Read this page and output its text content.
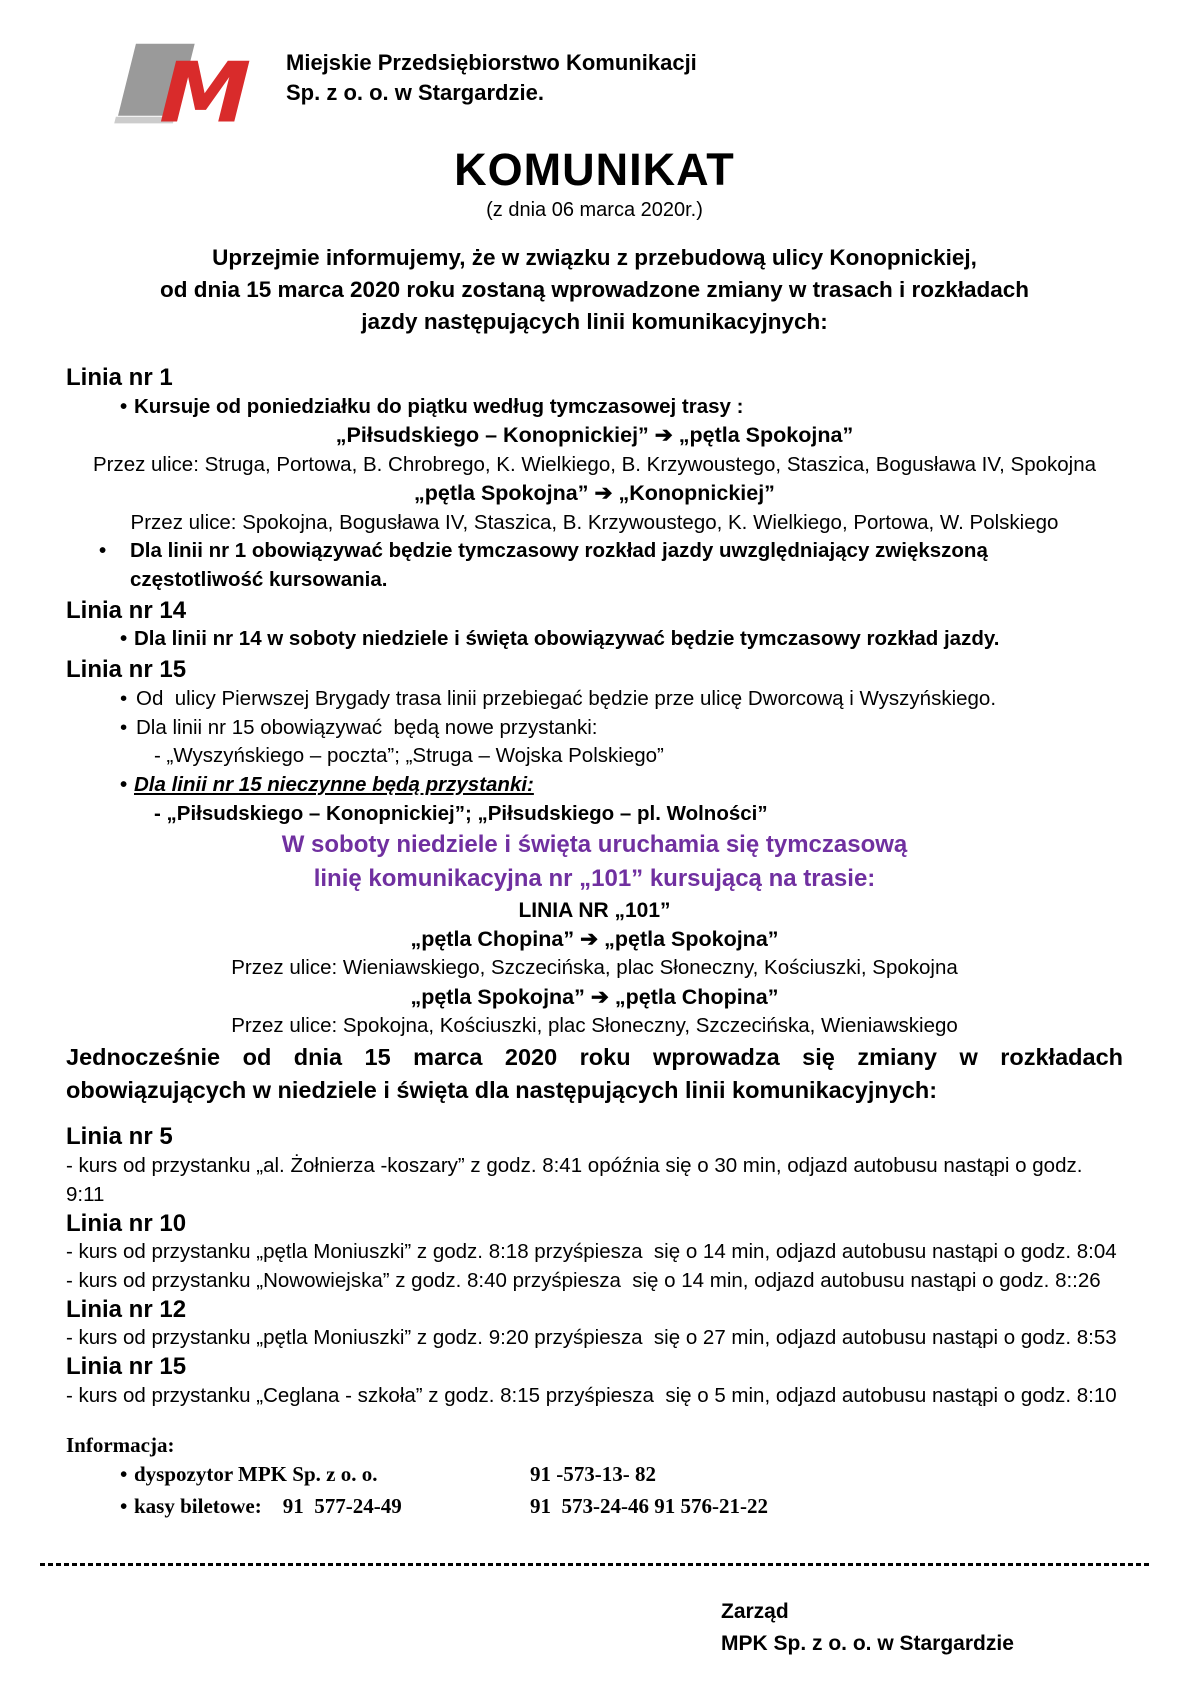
M	Miejskie Przedsiębiorstwo Komunikacji
Sp. z o. o. w Stargardzie.
KOMUNIKAT

(z dnia 06 marca 2020r.)

Uprzejmie informujemy, że w związku z przebudową ulicy Konopnickiej,
od dnia 15 marca 2020 roku zostaną wprowadzone zmiany w trasach i rozkładach
jazdy następujących linii komunikacyjnych:
Linia nr 1
• Kursuje od poniedziałku do piątku według tymczasowej trasy :

„Piłsudskiego – Konopnickiej” ➔ „pętla Spokojna”

Przez ulice: Struga, Portowa, B. Chrobrego, K. Wielkiego, B. Krzywoustego, Staszica, Bogusława IV, Spokojna

„pętla Spokojna” ➔ „Konopnickiej”

Przez ulice: Spokojna, Bogusława IV, Staszica, B. Krzywoustego, K. Wielkiego, Portowa, W. Polskiego

•	Dla linii nr 1 obowiązywać będzie tymczasowy rozkład jazdy uwzględniający zwiększoną częstotliwość kursowania.
Linia nr 14
• Dla linii nr 14 w soboty niedziele i święta obowiązywać będzie tymczasowy rozkład jazdy.
Linia nr 15
• Od  ulicy Pierwszej Brygady trasa linii przebiegać będzie prze ulicę Dworcową i Wyszyńskiego.
• Dla linii nr 15 obowiązywać  będą nowe przystanki:
- „Wyszyńskiego – poczta”; „Struga – Wojska Polskiego”
• Dla linii nr 15 nieczynne będą przystanki:
- „Piłsudskiego – Konopnickiej”; „Piłsudskiego – pl. Wolności”
W soboty niedziele i święta uruchamia się tymczasową
linię komunikacyjna nr „101” kursującą na trasie:

LINIA NR „101”

„pętla Chopina” ➔ „pętla Spokojna”

Przez ulice: Wieniawskiego, Szczecińska, plac Słoneczny, Kościuszki, Spokojna

„pętla Spokojna” ➔ „pętla Chopina”

Przez ulice: Spokojna, Kościuszki, plac Słoneczny, Szczecińska, Wieniawskiego

Jednocześnie od dnia 15 marca 2020 roku wprowadza się zmiany w rozkładach
obowiązujących w niedziele i święta dla następujących linii komunikacyjnych:

Linia nr 5

- kurs od przystanku „al. Żołnierza -koszary” z godz. 8:41 opóźnia się o 30 min, odjazd autobusu nastąpi o godz. 9:11

Linia nr 10

- kurs od przystanku „pętla Moniuszki” z godz. 8:18 przyśpiesza  się o 14 min, odjazd autobusu nastąpi o godz. 8:04

- kurs od przystanku „Nowowiejska” z godz. 8:40 przyśpiesza  się o 14 min, odjazd autobusu nastąpi o godz. 8::26

Linia nr 12

- kurs od przystanku „pętla Moniuszki” z godz. 9:20 przyśpiesza  się o 27 min, odjazd autobusu nastąpi o godz. 8:53

Linia nr 15

- kurs od przystanku „Ceglana - szkoła” z godz. 8:15 przyśpiesza  się o 5 min, odjazd autobusu nastąpi o godz. 8:10

Informacja:

• dyspozytor MPK Sp. z o. o.	91 -573-13- 82
• kasy biletowe:    91  577-24-49	91  573-24-46 91 576-21-22
Zarząd
MPK Sp. z o. o. w Stargardzie
